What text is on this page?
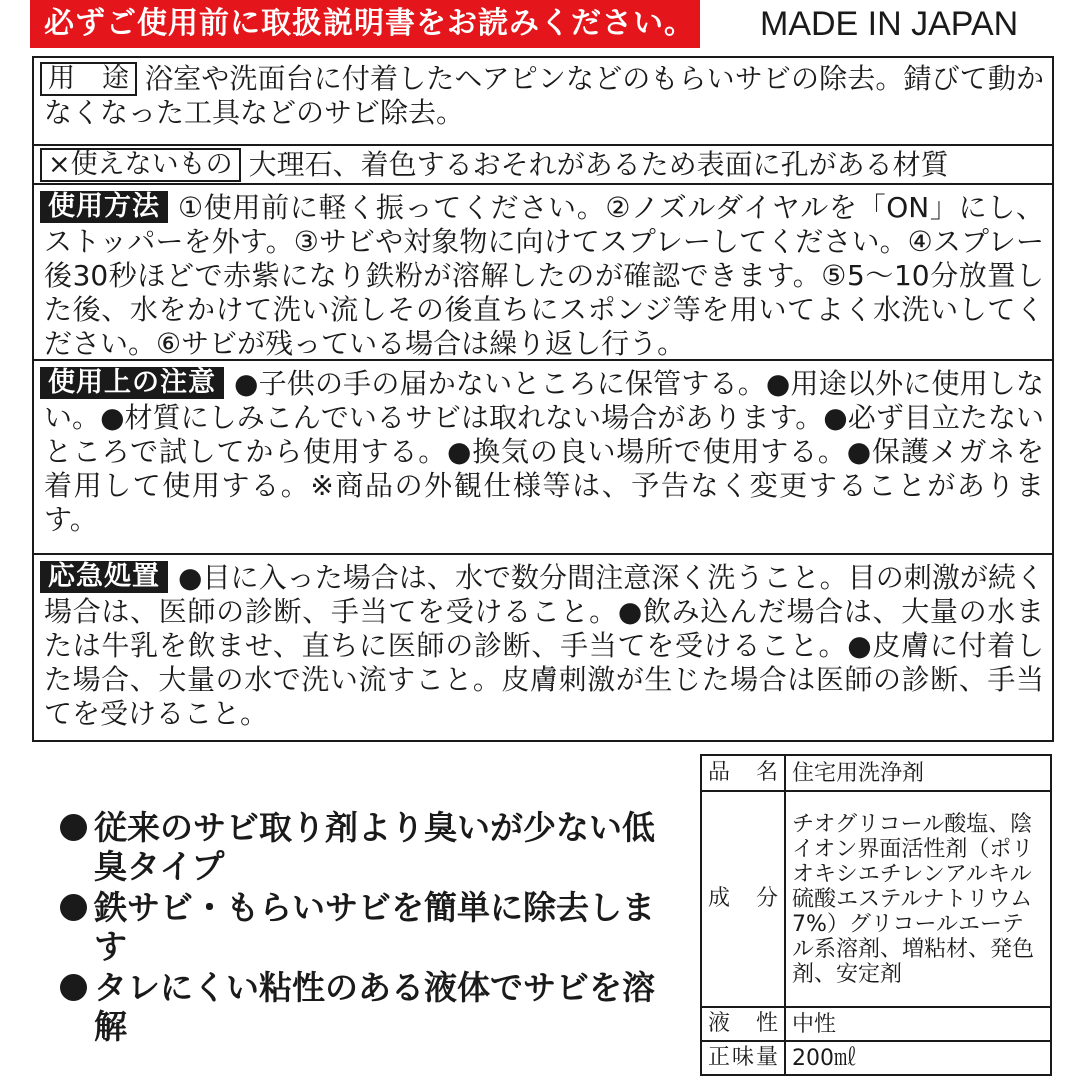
必ずご使用前に取扱説明書をお読みください。 MADE IN JAPAN

用　途 浴室や洗面台に付着したヘアピンなどのもらいサビの除去。錆びて動かなくなった工具などのサビ除去。

×使えないもの 大理石、着色するおそれがあるため表面に孔がある材質

使用方法 ①使用前に軽く振ってください。②ノズルダイヤルを「ON」にし、ストッパーを外す。③サビや対象物に向けてスプレーしてください。④スプレー後30秒ほどで赤紫になり鉄粉が溶解したのが確認できます。⑤5～10分放置した後、水をかけて洗い流しその後直ちにスポンジ等を用いてよく水洗いしてください。⑥サビが残っている場合は繰り返し行う。

使用上の注意 ●子供の手の届かないところに保管する。●用途以外に使用しない。●材質にしみこんでいるサビは取れない場合があります。●必ず目立たないところで試してから使用する。●換気の良い場所で使用する。●保護メガネを着用して使用する。※商品の外観仕様等は、予告なく変更することがあります。

応急処置 ●目に入った場合は、水で数分間注意深く洗うこと。目の刺激が続く場合は、医師の診断、手当てを受けること。●飲み込んだ場合は、大量の水または牛乳を飲ませ、直ちに医師の診断、手当てを受けること。●皮膚に付着した場合、大量の水で洗い流すこと。皮膚刺激が生じた場合は医師の診断、手当てを受けること。

従来のサビ取り剤より臭いが少ない低臭タイプ
鉄サビ・もらいサビを簡単に除去します
タレにくい粘性のある液体でサビを溶解
品名	住宅用洗浄剤
成分	チオグリコール酸塩、陰イオン界面活性剤（ポリオキシエチレンアルキル硫酸エステルナトリウム7%）グリコールエーテル系溶剤、増粘材、発色剤、安定剤
液性	中性
正味量	200㎖
